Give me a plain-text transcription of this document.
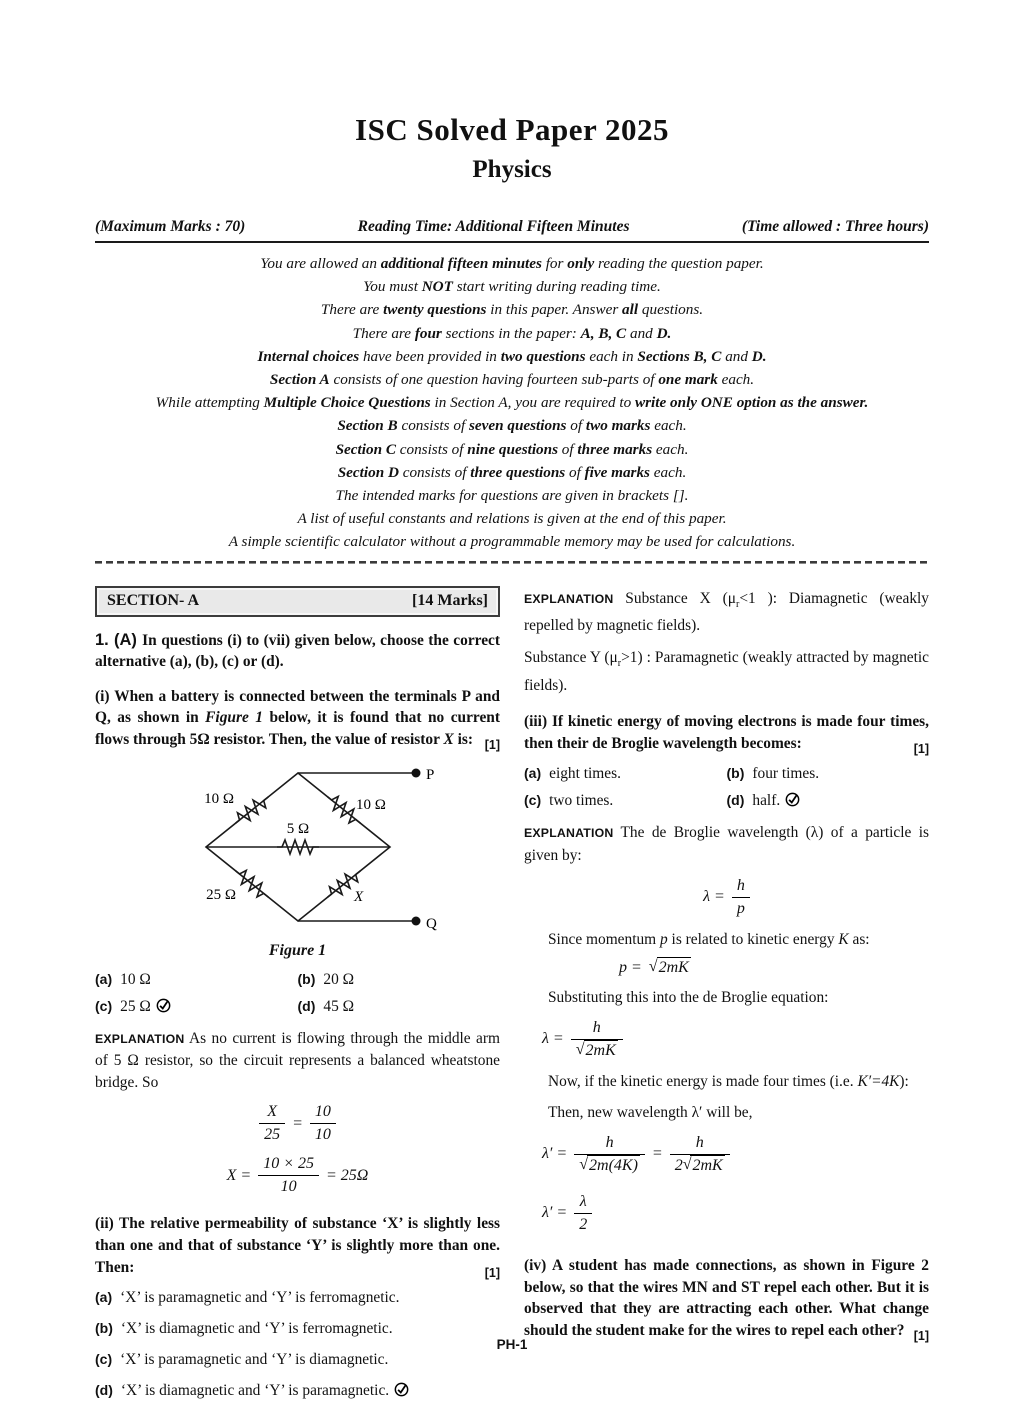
ISC Solved Paper 2025
Physics
(Maximum Marks : 70)	Reading Time: Additional Fifteen Minutes	(Time allowed : Three hours)
You are allowed an additional fifteen minutes for only reading the question paper.
You must NOT start writing during reading time.
There are twenty questions in this paper. Answer all questions.
There are four sections in the paper: A, B, C and D.
Internal choices have been provided in two questions each in Sections B, C and D.
Section A consists of one question having fourteen sub-parts of one mark each.
While attempting Multiple Choice Questions in Section A, you are required to write only ONE option as the answer.
Section B consists of seven questions of two marks each.
Section C consists of nine questions of three marks each.
Section D consists of three questions of five marks each.
The intended marks for questions are given in brackets [].
A list of useful constants and relations is given at the end of this paper.
A simple scientific calculator without a programmable memory may be used for calculations.
SECTION- A	[14 Marks]

1. (A) In questions (i) to (vii) given below, choose the correct alternative (a), (b), (c) or (d).

(i) When a battery is connected between the terminals P and Q, as shown in Figure 1 below, it is found that no current flows through 5Ω resistor. Then, the value of resistor X is: [1]

10 Ω	10 Ω
5 Ω
25 Ω	X
P
Q
Figure 1
(a) 10 Ω	(b) 20 Ω
(c) 25 Ω	(d) 45 Ω

EXPLANATION As no current is flowing through the middle arm of 5 Ω resistor, so the circuit represents a balanced wheatstone bridge. So

$\frac{X}{25} = \frac{10}{10}$
$X = \frac{10 \times 25}{10} = 25\Omega$

(ii) The relative permeability of substance ‘X’ is slightly less than one and that of substance ‘Y’ is slightly more than one. Then:	[1]

(a) ‘X’ is paramagnetic and ‘Y’ is ferromagnetic.
(b) ‘X’ is diamagnetic and ‘Y’ is ferromagnetic.
(c) ‘X’ is paramagnetic and ‘Y’ is diamagnetic.
(d) ‘X’ is diamagnetic and ‘Y’ is paramagnetic.

EXPLANATION Substance X ($\mu_r<1$ ): Diamagnetic (weakly repelled by magnetic fields).

Substance Y $(\mu_r>1)$ : Paramagnetic (weakly attracted by magnetic fields).

(iii) If kinetic energy of moving electrons is made four times, then their de Broglie wavelength becomes:	[1]

(a) eight times.	(b) four times.
(c) two times.	(d) half.

EXPLANATION The de Broglie wavelength (λ) of a particle is given by:

$\lambda = \frac{h}{p}$

Since momentum p is related to kinetic energy K as:

p = √2mK

Substituting this into the de Broglie equation:

$\lambda = \frac{h}{√2mK}$

Now, if the kinetic energy is made four times (i.e. K′=4K):

Then, new wavelength λ′ will be,

$\lambda' = \frac{h}{√2m(4K)} = \frac{h}{2√2mK}$
$\lambda' = \frac{\lambda}{2}$

(iv) A student has made connections, as shown in Figure 2 below, so that the wires MN and ST repel each other. But it is observed that they are attracting each other. What change should the student make for the wires to repel each other? [1]

PH-1
